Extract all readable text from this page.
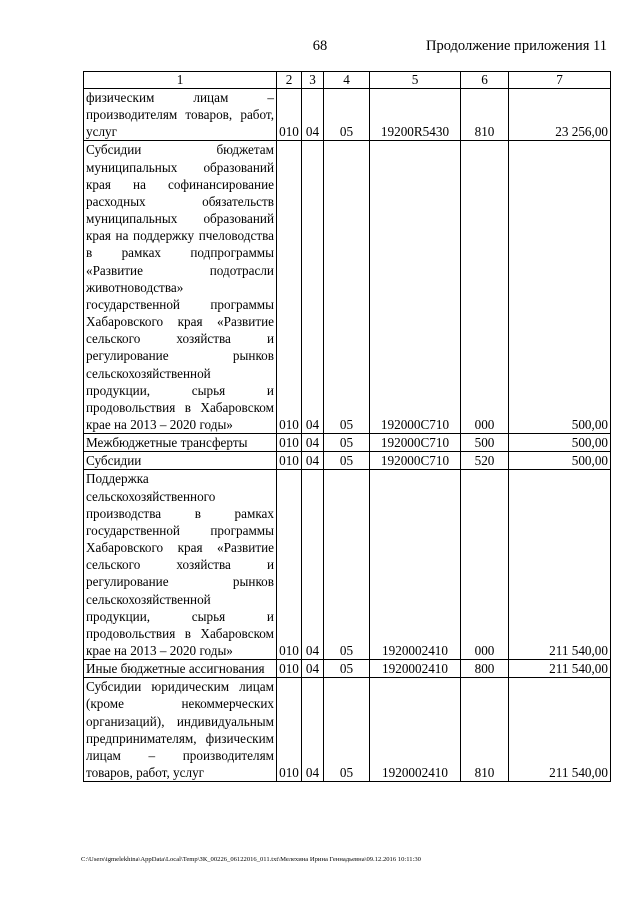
68	Продолжение приложения 11
1	2	3	4	5	6	7
физическим лицам – производителям товаров, работ, услуг	010	04	05	19200R5430	810	23 256,00
Субсидии бюджетам муниципальных образований края на софинансирование расходных обязательств муниципальных образований края на поддержку пчеловодства в рамках подпрограммы «Развитие подотрасли животноводства» государственной программы Хабаровского края «Развитие сельского хозяйства и регулирование рынков сельскохозяйственной продукции, сырья и продовольствия в Хабаровском крае на 2013 – 2020 годы»	010	04	05	192000С710	000	500,00
Межбюджетные трансферты	010	04	05	192000С710	500	500,00
Субсидии	010	04	05	192000С710	520	500,00
Поддержка сельскохозяйственного производства в рамках государственной программы Хабаровского края «Развитие сельского хозяйства и регулирование рынков сельскохозяйственной продукции, сырья и продовольствия в Хабаровском крае на 2013 – 2020 годы»	010	04	05	1920002410	000	211 540,00
Иные бюджетные ассигнования	010	04	05	1920002410	800	211 540,00
Субсидии юридическим лицам (кроме некоммерческих организаций), индивидуальным предпринимателям, физическим лицам – производителям товаров, работ, услуг	010	04	05	1920002410	810	211 540,00
C:\Users\igmelekhina\AppData\Local\Temp\ЗК_00226_06122016_011.txt\Мелехина Ирина Геннадьевна\09.12.2016 10:11:30
